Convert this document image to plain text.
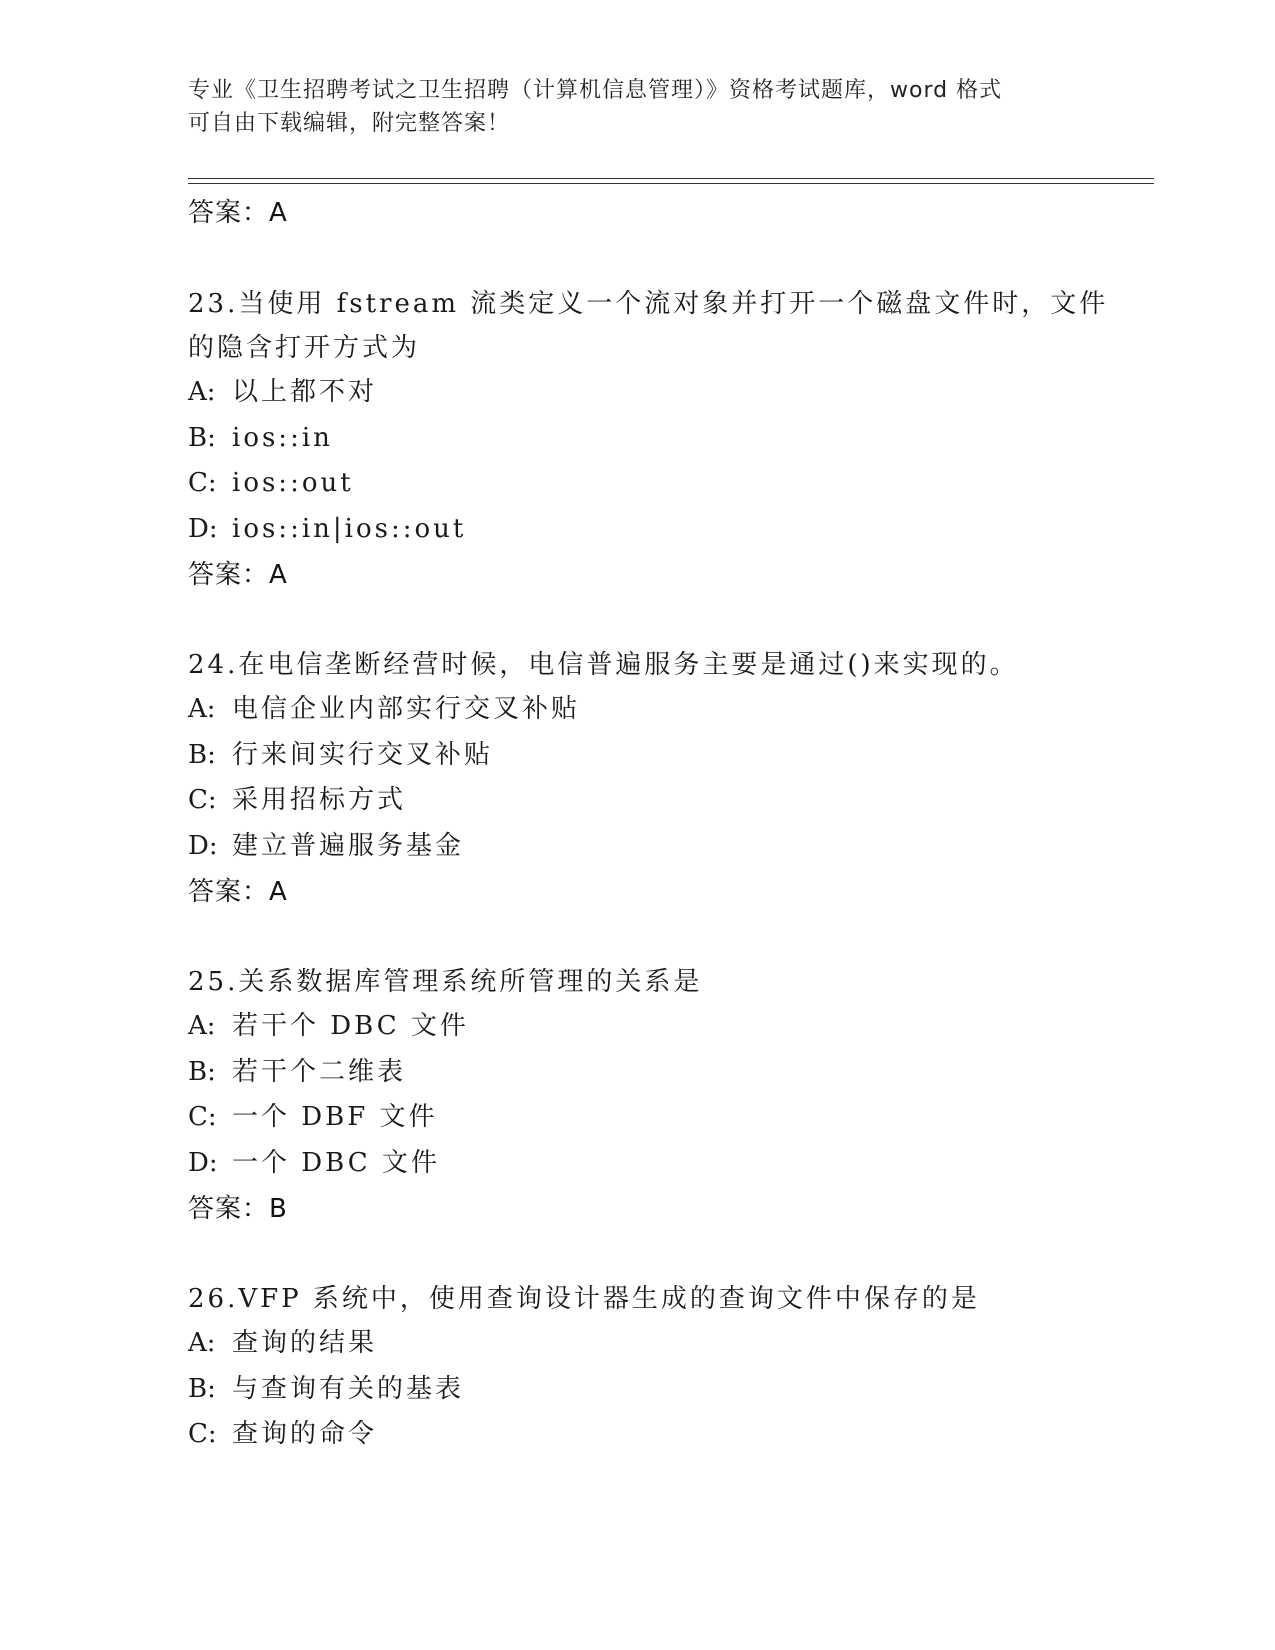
专业《卫生招聘考试之卫生招聘（计算机信息管理）》资格考试题库，word 格式
可自由下载编辑，附完整答案！
答案：A
23.当使用 fstream 流类定义一个流对象并打开一个磁盘文件时，文件
的隐含打开方式为
A: 以上都不对
B: ios::in
C: ios::out
D: ios::in|ios::out
答案：A
24.在电信垄断经营时候，电信普遍服务主要是通过()来实现的。
A: 电信企业内部实行交叉补贴
B: 行来间实行交叉补贴
C: 采用招标方式
D: 建立普遍服务基金
答案：A
25.关系数据库管理系统所管理的关系是
A: 若干个 DBC 文件
B: 若干个二维表
C: 一个 DBF 文件
D: 一个 DBC 文件
答案：B
26.VFP 系统中，使用查询设计器生成的查询文件中保存的是
A: 查询的结果
B: 与查询有关的基表
C: 查询的命令
